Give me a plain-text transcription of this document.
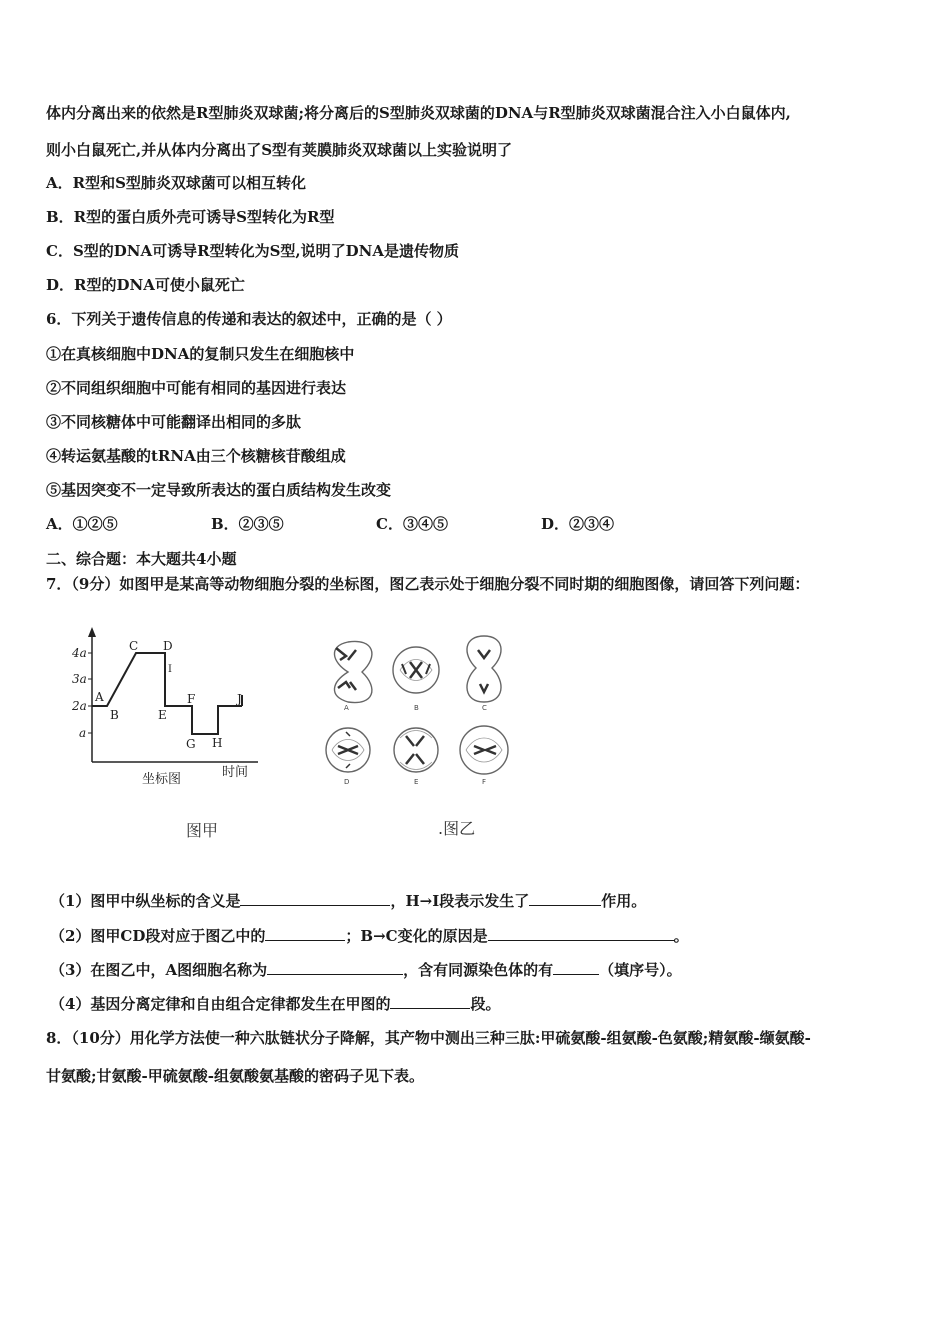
体内分离出来的依然是R型肺炎双球菌;将分离后的S型肺炎双球菌的DNA与R型肺炎双球菌混合注入小白鼠体内,
则小白鼠死亡,并从体内分离出了S型有荚膜肺炎双球菌以上实验说明了
A．R型和S型肺炎双球菌可以相互转化
B．R型的蛋白质外壳可诱导S型转化为R型
C．S型的DNA可诱导R型转化为S型,说明了DNA是遗传物质
D．R型的DNA可使小鼠死亡
6．下列关于遗传信息的传递和表达的叙述中，正确的是（ ）
①在真核细胞中DNA的复制只发生在细胞核中
②不同组织细胞中可能有相同的基因进行表达
③不同核糖体中可能翻译出相同的多肽
④转运氨基酸的tRNA由三个核糖核苷酸组成
⑤基因突变不一定导致所表达的蛋白质结构发生改变
A．①②⑤	B．②③⑤	C．③④⑤	D．②③④
二、综合题：本大题共4小题
7．（9分）如图甲是某高等动物细胞分裂的坐标图，图乙表示处于细胞分裂不同时期的细胞图像，请回答下列问题：
4a
3a
2a
a
A
B
C D
E
F
G H
I
J
时间
坐标图
图甲
A	B	C
D	E	F
.图乙
（1）图甲中纵坐标的含义是	，H→I段表示发生了	作用。
（2）图甲CD段对应于图乙中的	；B→C变化的原因是	。
（3）在图乙中，A图细胞名称为	，含有同源染色体的有	（填序号）。
（4）基因分离定律和自由组合定律都发生在甲图的	段。
8．（10分）用化学方法使一种六肽链状分子降解，其产物中测出三种三肽:甲硫氨酸-组氨酸-色氨酸;精氨酸-缬氨酸-
甘氨酸;甘氨酸-甲硫氨酸-组氨酸氨基酸的密码子见下表。
